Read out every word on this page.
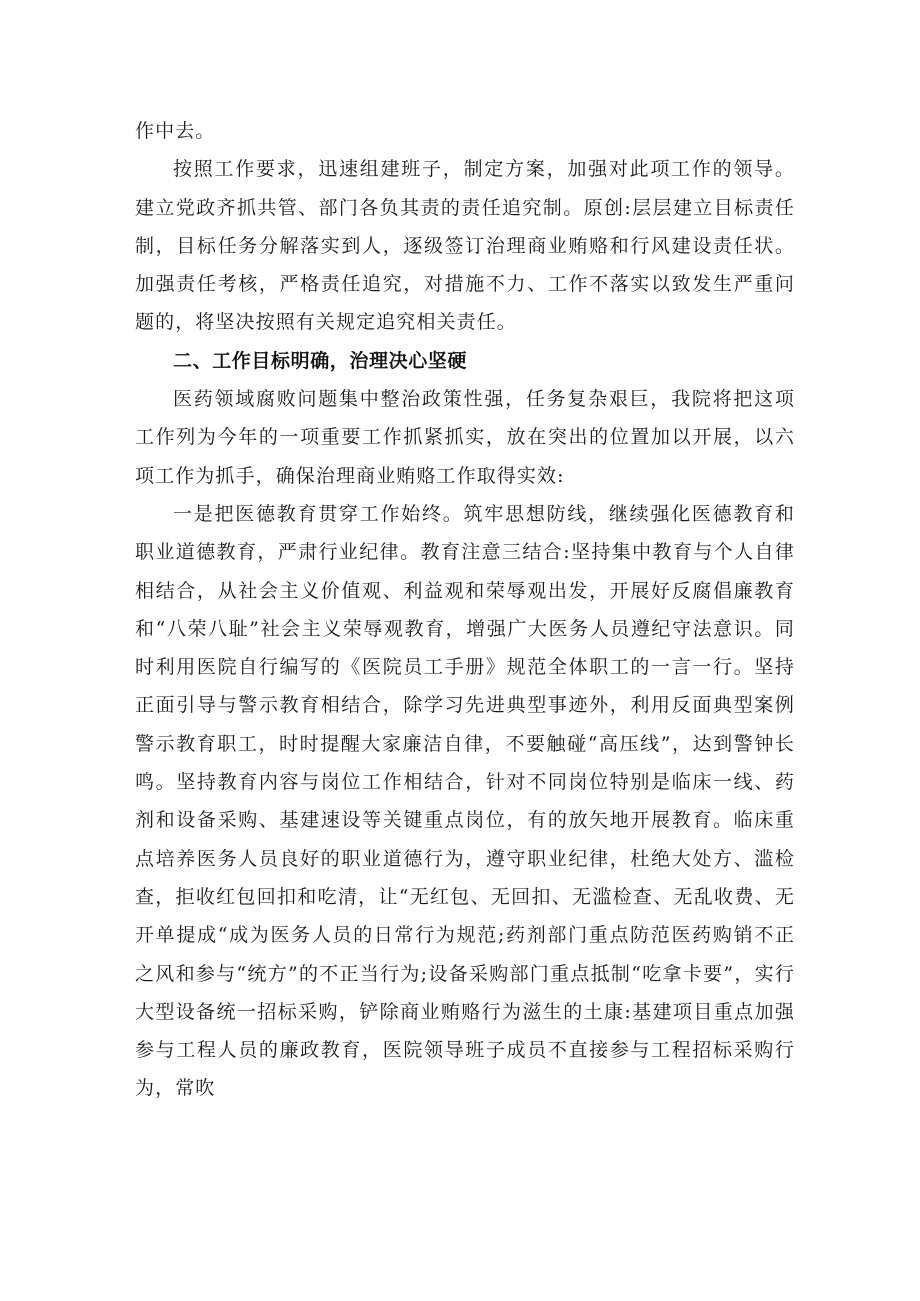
作中去。

按照工作要求，迅速组建班子，制定方案，加强对此项工作的领导。建立党政齐抓共管、部门各负其责的责任追究制。原创:层层建立目标责任制，目标任务分解落实到人，逐级签订治理商业贿赂和行风建设责任状。加强责任考核，严格责任追究，对措施不力、工作不落实以致发生严重问题的，将坚决按照有关规定追究相关责任。

二、工作目标明确，治理决心坚硬

医药领域腐败问题集中整治政策性强，任务复杂艰巨，我院将把这项工作列为今年的一项重要工作抓紧抓实，放在突出的位置加以开展，以六项工作为抓手，确保治理商业贿赂工作取得实效:

一是把医德教育贯穿工作始终。筑牢思想防线，继续强化医德教育和职业道德教育，严肃行业纪律。教育注意三结合:坚持集中教育与个人自律相结合，从社会主义价值观、利益观和荣辱观出发，开展好反腐倡廉教育和“八荣八耻”社会主义荣辱观教育，增强广大医务人员遵纪守法意识。同时利用医院自行编写的《医院员工手册》规范全体职工的一言一行。坚持正面引导与警示教育相结合，除学习先进典型事迹外，利用反面典型案例警示教育职工，时时提醒大家廉洁自律，不要触碰“高压线”，达到警钟长鸣。坚持教育内容与岗位工作相结合，针对不同岗位特别是临床一线、药剂和设备采购、基建速设等关键重点岗位，有的放矢地开展教育。临床重点培养医务人员良好的职业道德行为，遵守职业纪律，杜绝大处方、滥检查，拒收红包回扣和吃清，让“无红包、无回扣、无滥检查、无乱收费、无开单提成“成为医务人员的日常行为规范;药剂部门重点防范医药购销不正之风和参与“统方”的不正当行为;设备采购部门重点抵制“吃拿卡要”，实行大型设备统一招标采购，铲除商业贿赂行为滋生的土康:基建项目重点加强参与工程人员的廉政教育，医院领导班子成员不直接参与工程招标采购行为，常吹
